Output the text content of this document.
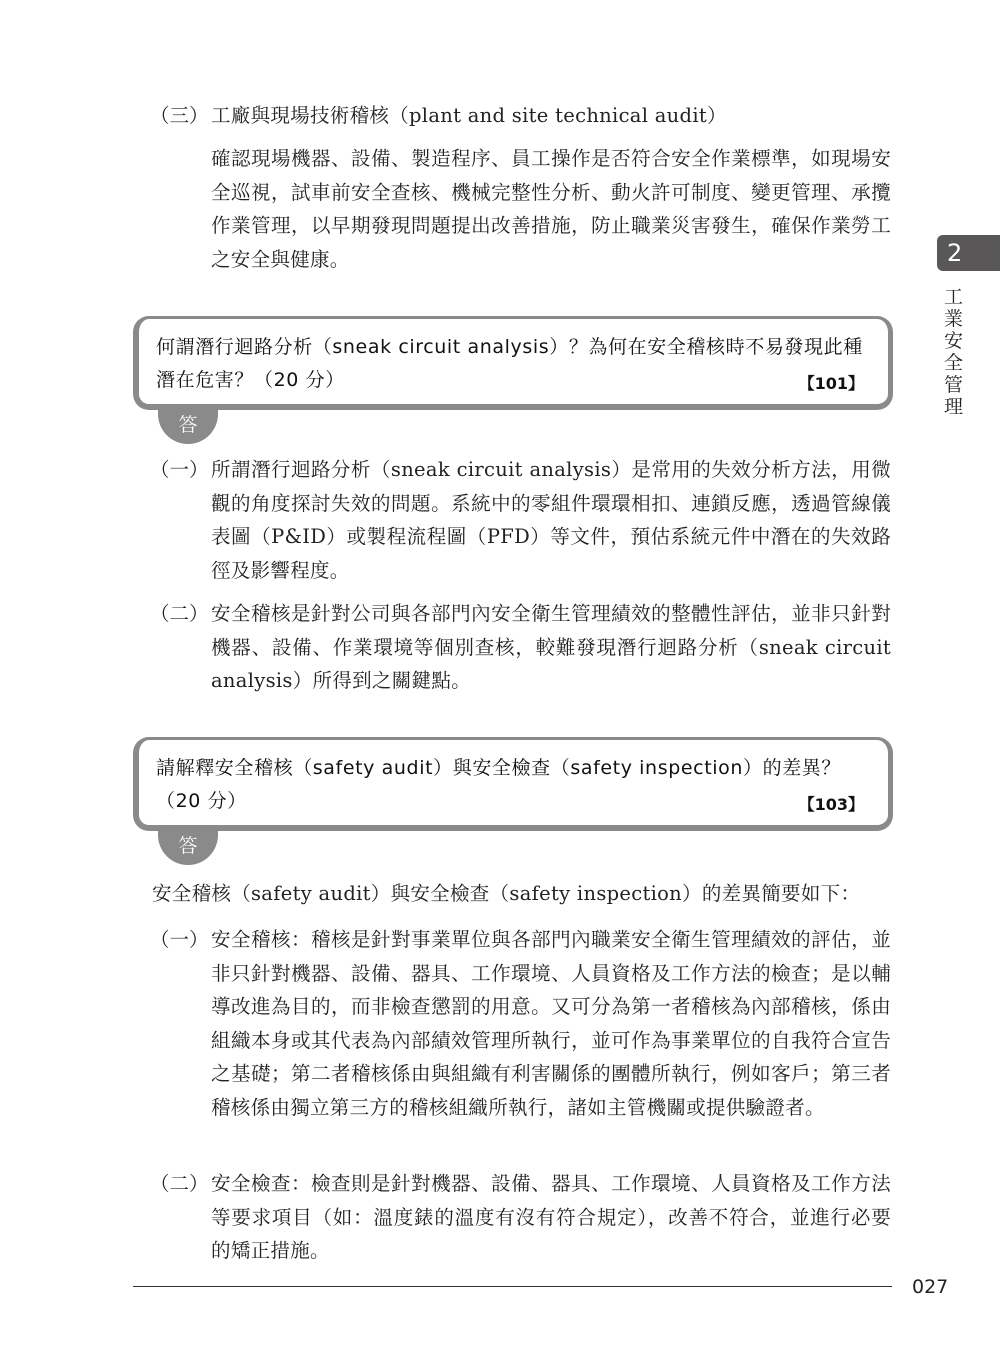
2
工業安全管理
（三） 工廠與現場技術稽核（plant and site technical audit）
確認現場機器、設備、製造程序、員工操作是否符合安全作業標準，如現場安全巡視，試車前安全查核、機械完整性分析、動火許可制度、變更管理、承攬作業管理，以早期發現問題提出改善措施，防止職業災害發生，確保作業勞工之安全與健康。
何謂潛行迴路分析（sneak circuit analysis）？為何在安全稽核時不易發現此種潛在危害？（20 分）	【101】
答
（一） 所謂潛行迴路分析（sneak circuit analysis）是常用的失效分析方法，用微觀的角度探討失效的問題。系統中的零組件環環相扣、連鎖反應，透過管線儀表圖（P&ID）或製程流程圖（PFD）等文件，預估系統元件中潛在的失效路徑及影響程度。
（二） 安全稽核是針對公司與各部門內安全衛生管理績效的整體性評估，並非只針對機器、設備、作業環境等個別查核，較難發現潛行迴路分析（sneak circuit analysis）所得到之關鍵點。
請解釋安全稽核（safety audit）與安全檢查（safety inspection）的差異？（20 分）	【103】
答
安全稽核（safety audit）與安全檢查（safety inspection）的差異簡要如下：
（一） 安全稽核：稽核是針對事業單位與各部門內職業安全衛生管理績效的評估，並非只針對機器、設備、器具、工作環境、人員資格及工作方法的檢查；是以輔導改進為目的，而非檢查懲罰的用意。又可分為第一者稽核為內部稽核，係由組織本身或其代表為內部績效管理所執行，並可作為事業單位的自我符合宣告之基礎；第二者稽核係由與組織有利害關係的團體所執行，例如客戶；第三者稽核係由獨立第三方的稽核組織所執行，諸如主管機關或提供驗證者。
（二） 安全檢查：檢查則是針對機器、設備、器具、工作環境、人員資格及工作方法等要求項目（如：溫度錶的溫度有沒有符合規定），改善不符合，並進行必要的矯正措施。
027
